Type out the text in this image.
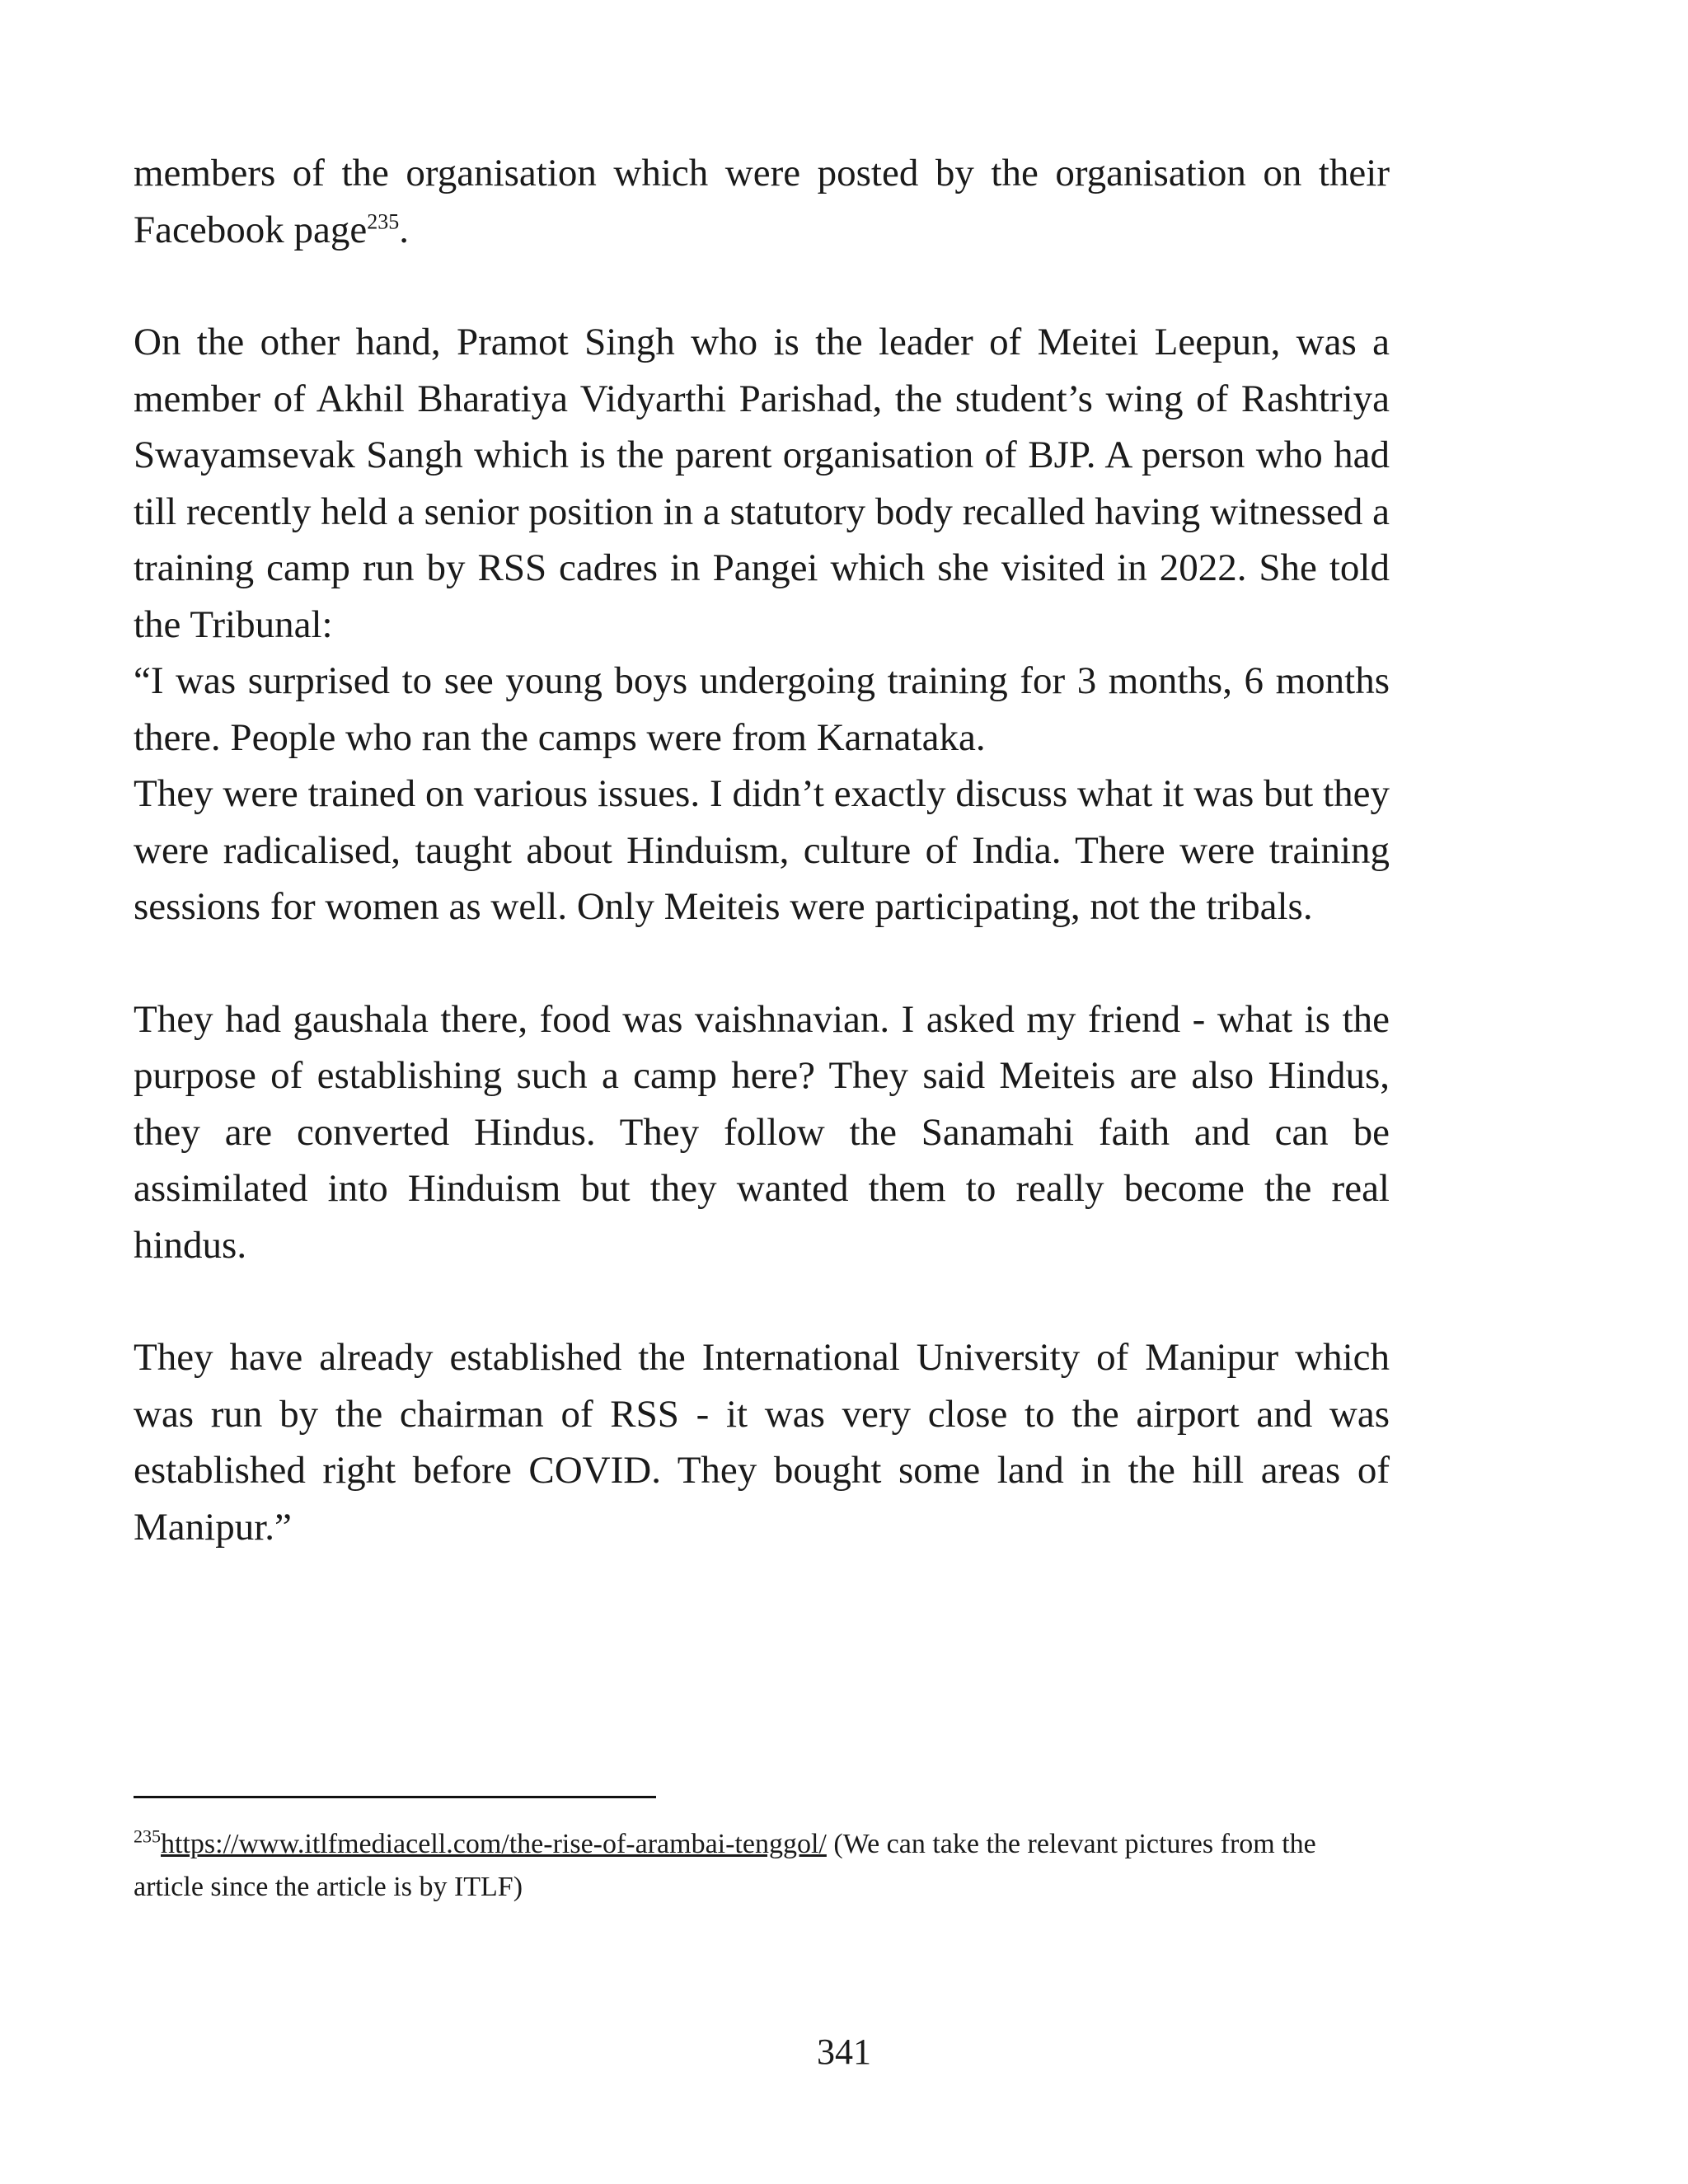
members of the organisation which were posted by the organisation on their Facebook page$^{235}$.

On the other hand, Pramot Singh who is the leader of Meitei Leepun, was a member of Akhil Bharatiya Vidyarthi Parishad, the student’s wing of Rashtriya Swayamsevak Sangh which is the parent organisation of BJP. A person who had till recently held a senior position in a statutory body recalled having witnessed a training camp run by RSS cadres in Pangei which she visited in 2022. She told the Tribunal:

“I was surprised to see young boys undergoing training for 3 months, 6 months there. People who ran the camps were from Karnataka.

They were trained on various issues. I didn’t exactly discuss what it was but they were radicalised, taught about Hinduism, culture of India. There were training sessions for women as well. Only Meiteis were participating, not the tribals.

They had gaushala there, food was vaishnavian. I asked my friend - what is the purpose of establishing such a camp here? They said Meiteis are also Hindus, they are converted Hindus. They follow the Sanamahi faith and can be assimilated into Hinduism but they wanted them to really become the real hindus.

They have already established the International University of Manipur which was run by the chairman of RSS - it was very close to the airport and was established right before COVID. They bought some land in the hill areas of Manipur.”

$^{235}$https://www.itlfmediacell.com/the-rise-of-arambai-tenggol/ (We can take the relevant pictures from the article since the article is by ITLF)

341
